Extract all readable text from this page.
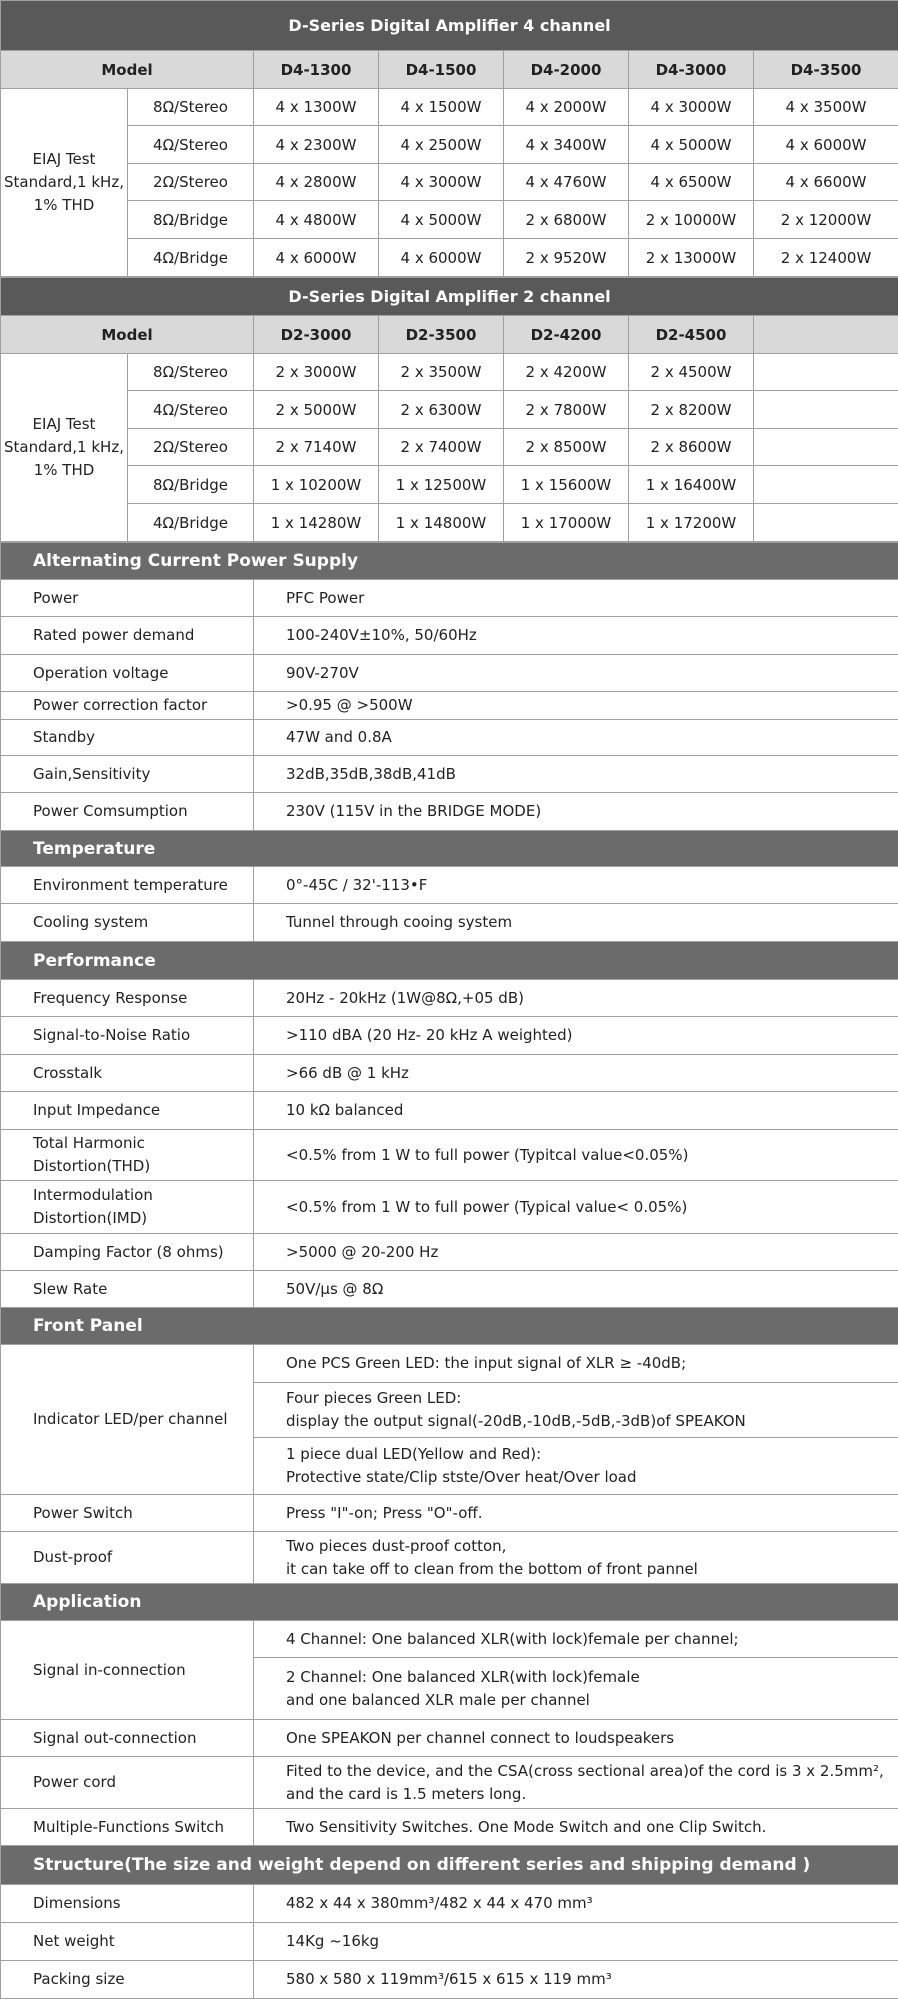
D-Series Digital Amplifier 4 channel						
Model		D4-1300	D4-1500	D4-2000	D4-3000	D4-3500

EIAJ Test
Standard,1 kHz,
1% THD	8Ω/Stereo	4 x 1300W	4 x 1500W	4 x 2000W	4 x 3000W	4 x 3500W
	4Ω/Stereo	4 x 2300W	4 x 2500W	4 x 3400W	4 x 5000W	4 x 6000W
	2Ω/Stereo	4 x 2800W	4 x 3000W	4 x 4760W	4 x 6500W	4 x 6600W
	8Ω/Bridge	4 x 4800W	4 x 5000W	2 x 6800W	2 x 10000W	2 x 12000W
	4Ω/Bridge	4 x 6000W	4 x 6000W	2 x 9520W	2 x 13000W	2 x 12400W
D-Series Digital Amplifier 2 channel						
Model		D2-3000	D2-3500	D2-4200	D2-4500	

EIAJ Test
Standard,1 kHz,
1% THD	8Ω/Stereo	2 x 3000W	2 x 3500W	2 x 4200W	2 x 4500W	
	4Ω/Stereo	2 x 5000W	2 x 6300W	2 x 7800W	2 x 8200W	
	2Ω/Stereo	2 x 7140W	2 x 7400W	2 x 8500W	2 x 8600W	
	8Ω/Bridge	1 x 10200W	1 x 12500W	1 x 15600W	1 x 16400W	
	4Ω/Bridge	1 x 14280W	1 x 14800W	1 x 17000W	1 x 17200W	
Alternating Current Power Supply	

Power	PFC Power

Rated power demand	100-240V±10%, 50/60Hz

Operation voltage	90V-270V

Power correction factor	>0.95 @ >500W

Standby	47W and 0.8A

Gain,Sensitivity	32dB,35dB,38dB,41dB

Power Comsumption	230V (115V in the BRIDGE MODE)

Temperature	

Environment temperature	0°-45C / 32'-113•F

Cooling system	Tunnel through cooing system

Performance	

Frequency Response	20Hz - 20kHz (1W@8Ω,+05 dB)

Signal-to-Noise Ratio	>110 dBA (20 Hz- 20 kHz A weighted)

Crosstalk	>66 dB @ 1 kHz

Input Impedance	10 kΩ balanced

Total Harmonic
Distortion(THD)	<0.5% from 1 W to full power (Typitcal value<0.05%)

Intermodulation
Distortion(IMD)	<0.5% from 1 W to full power (Typical value< 0.05%)

Damping Factor (8 ohms)	>5000 @ 20-200 Hz

Slew Rate	50V/μs @ 8Ω

Front Panel	

Indicator LED/per channel	One PCS Green LED: the input signal of XLR ≥ -40dB;
Four pieces Green LED:
display the output signal(-20dB,-10dB,-5dB,-3dB)of SPEAKON
1 piece dual LED(Yellow and Red):
Protective state/Clip stste/Over heat/Over load

Power Switch	Press "I"-on; Press "O"-off.

Dust-proof	Two pieces dust-proof cotton,
it can take off to clean from the bottom of front pannel

Application	

Signal in-connection	4 Channel: One balanced XLR(with lock)female per channel;
2 Channel: One balanced XLR(with lock)female
and one balanced XLR male per channel

Signal out-connection	One SPEAKON per channel connect to loudspeakers

Power cord	Fited to the device, and the CSA(cross sectional area)of the cord is 3 x 2.5mm²,
and the card is 1.5 meters long.

Multiple-Functions Switch	Two Sensitivity Switches. One Mode Switch and one Clip Switch.

Structure(The size and weight depend on different series and shipping demand )	

Dimensions	482 x 44 x 380mm³/482 x 44 x 470 mm³

Net weight	14Kg ~16kg

Packing size	580 x 580 x 119mm³/615 x 615 x 119 mm³
